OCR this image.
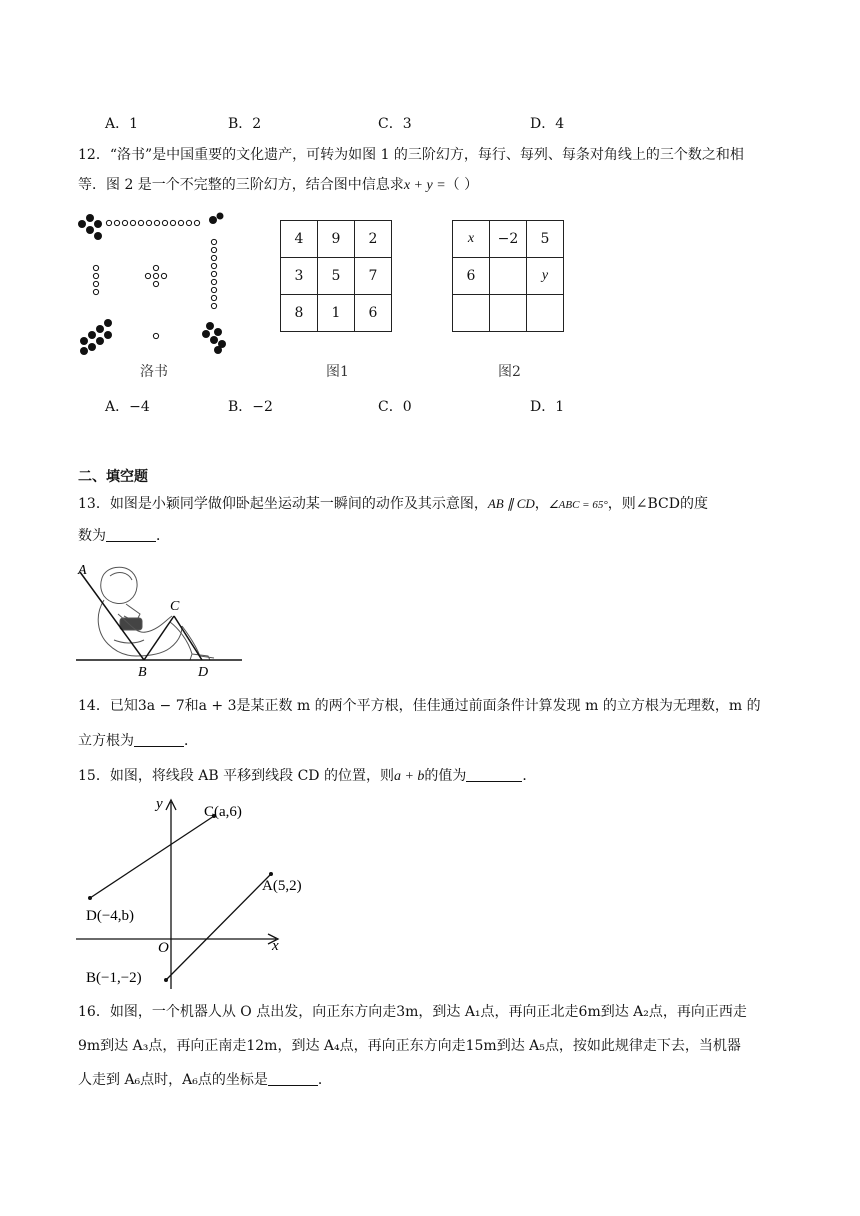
A．1	B．2	C．3	D．4
12．“洛书”是中国重要的文化遗产，可转为如图 1 的三阶幻方，每行、每列、每条对角线上的三个数之和相
等．图 2 是一个不完整的三阶幻方，结合图中信息求x + y =（ ）
洛书
4	9	2
3	5	7
8	1	6
图1
x	−2	5
6		y

图2
A．−4	B．−2	C．0	D．1
二、填空题
13．如图是小颖同学做仰卧起坐运动某一瞬间的动作及其示意图，AB ∥ CD，∠ABC = 65°，则∠BCD的度
数为	．
A
C
B	D
14．已知3a − 7和a + 3是某正数 m 的两个平方根，佳佳通过前面条件计算发现 m 的立方根为无理数，m 的
立方根为	．
15．如图，将线段 AB 平移到线段 CD 的位置，则a + b的值为	．
y
x
O
C(a,6)
A(5,2)
D(−4,b)
B(−1,−2)
16．如图，一个机器人从 O 点出发，向正东方向走3m，到达 A₁点，再向正北走6m到达 A₂点，再向正西走
9m到达 A₃点，再向正南走12m，到达 A₄点，再向正东方向走15m到达 A₅点，按如此规律走下去，当机器
人走到 A₆点时，A₆点的坐标是	．
